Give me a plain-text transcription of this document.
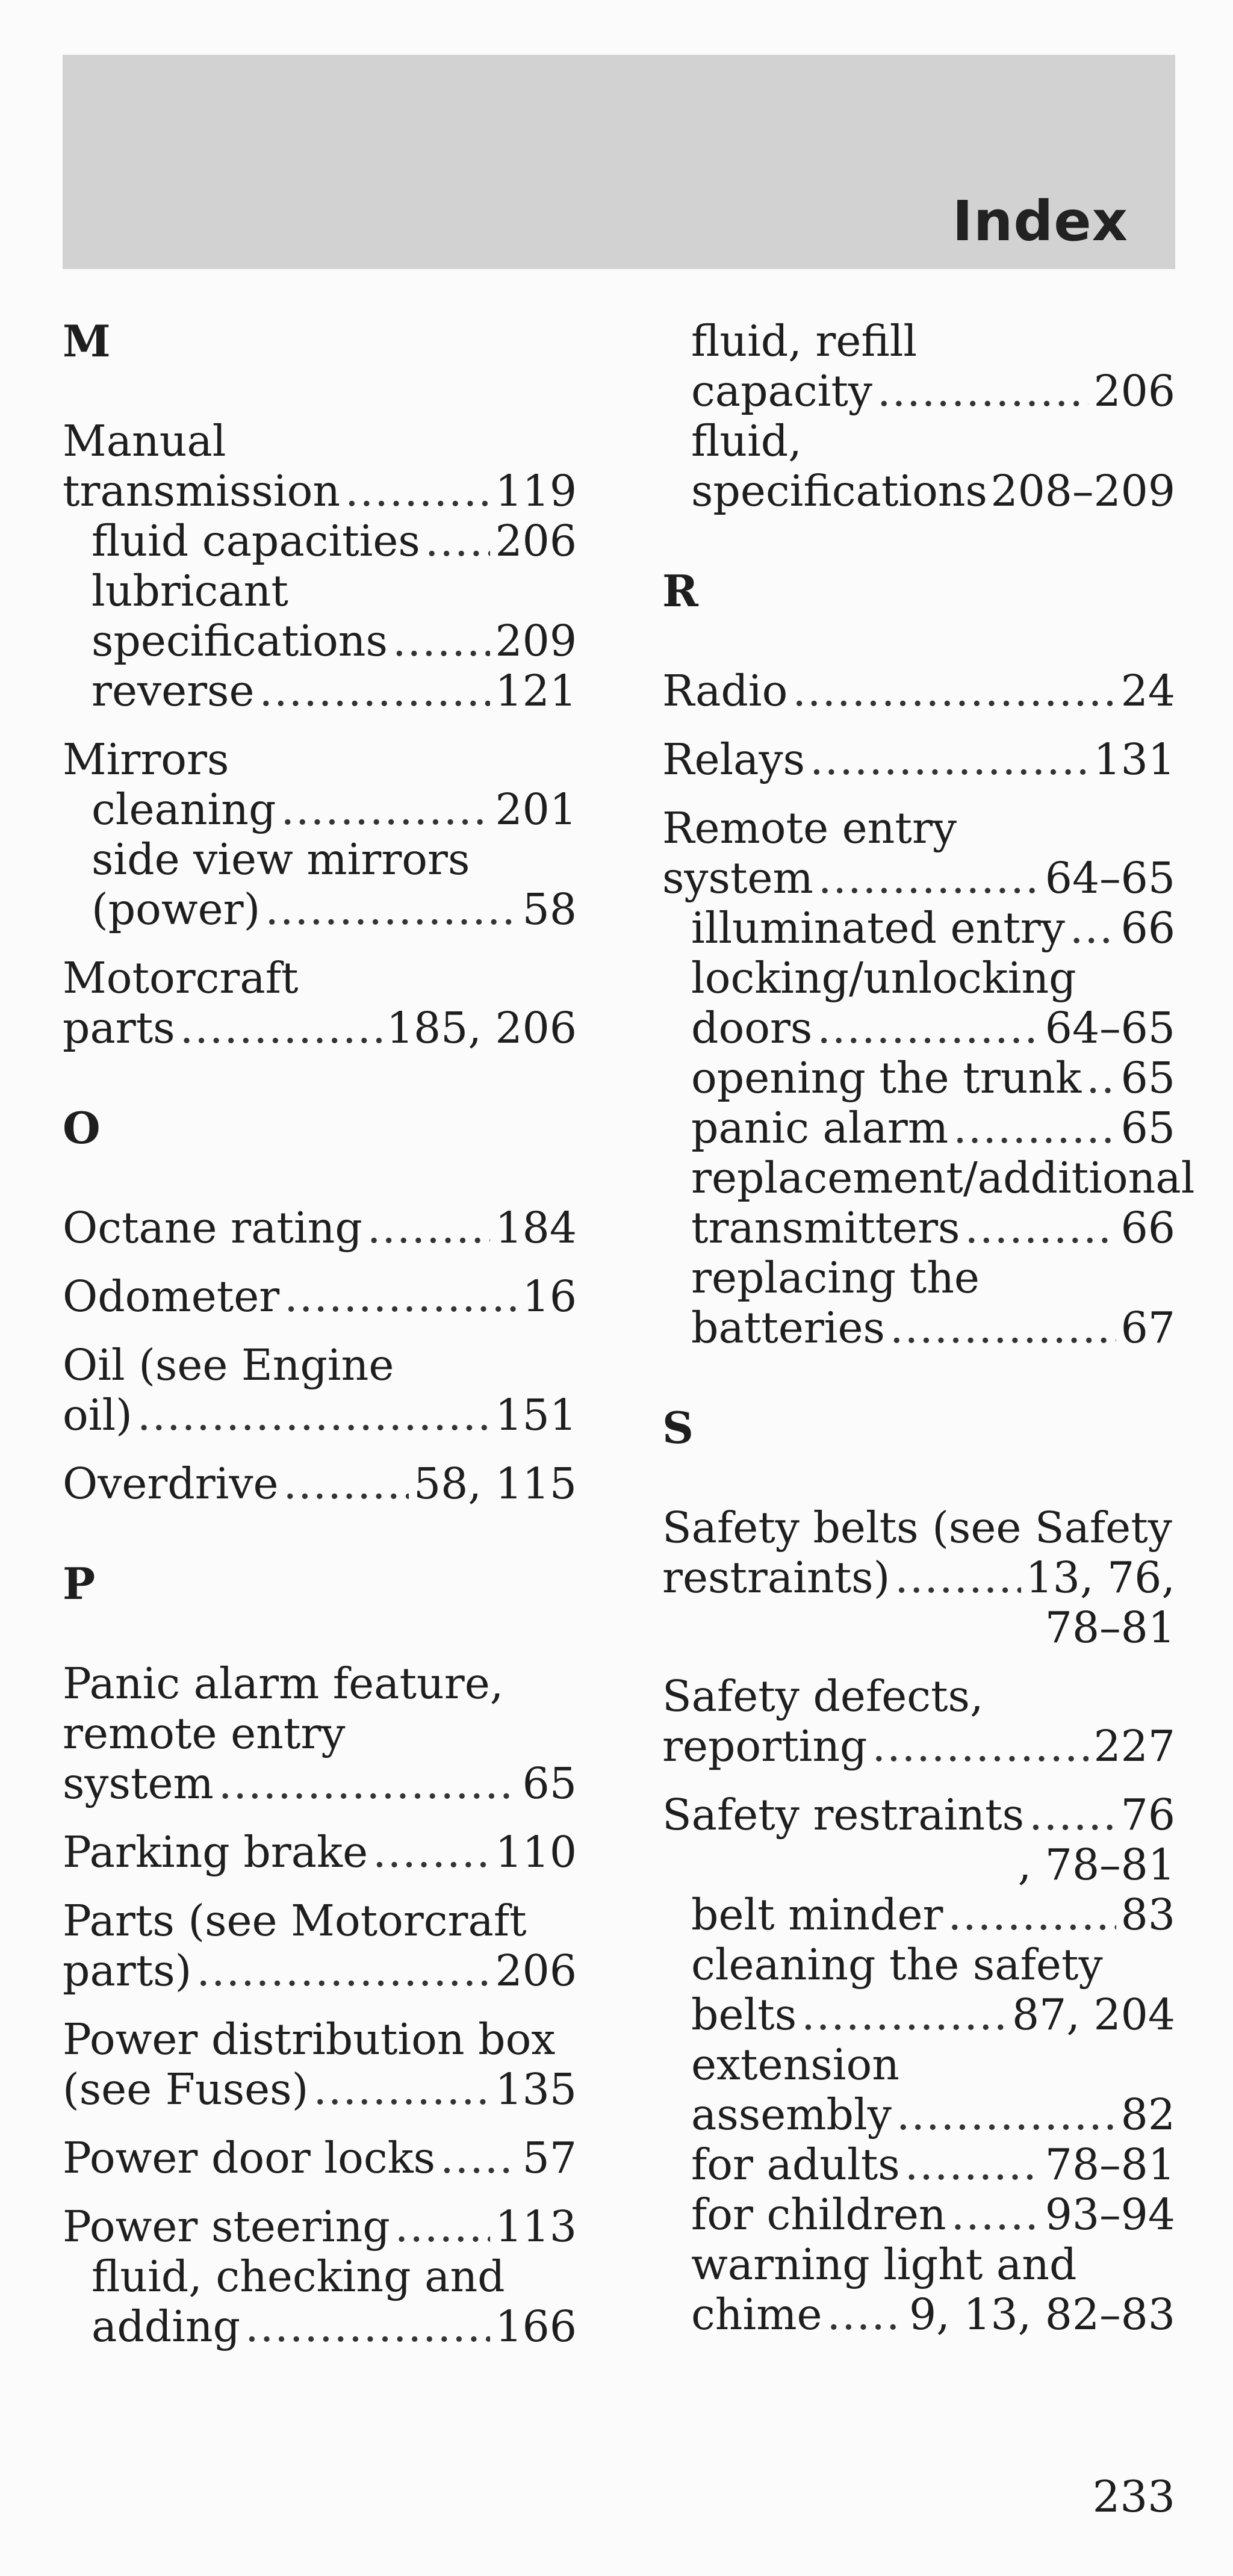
Index
M
Manual
transmission .....	119
fluid capacities ..... 206
lubricant
specifications .....	209
reverse .....	121
Mirrors
cleaning .....	201
side view mirrors
(power) .....	58
Motorcraft
parts .....	185, 206
O
Octane rating .....	184
Odometer .....	16
Oil (see Engine
oil) .....	151
Overdrive .....	58, 115
P
Panic alarm feature,
remote entry
system .....	65
Parking brake .....	110
Parts (see Motorcraft
parts) .....	206
Power distribution box
(see Fuses) .....	135
Power door locks ..... 57
Power steering ..... 113
fluid, checking and
adding .....	166
fluid, refill
capacity .....	206
fluid,
specifications 208–209
R
Radio .....	24
Relays .....	131
Remote entry
system .....	64–65
illuminated entry ..... 66
locking/unlocking
doors .....	64–65
opening the trunk ..... 65
panic alarm .....	65
replacement/additional
transmitters .....	66
replacing the
batteries .....	67
S
Safety belts (see Safety
restraints) .....	13, 76,
78–81
Safety defects,
reporting .....	227
Safety restraints ..... 76
, 78–81
belt minder .....	83
cleaning the safety
belts .....	87, 204
extension
assembly .....	82
for adults .....	78–81
for children ..... 93–94
warning light and
chime ..... 9, 13, 82–83
233
